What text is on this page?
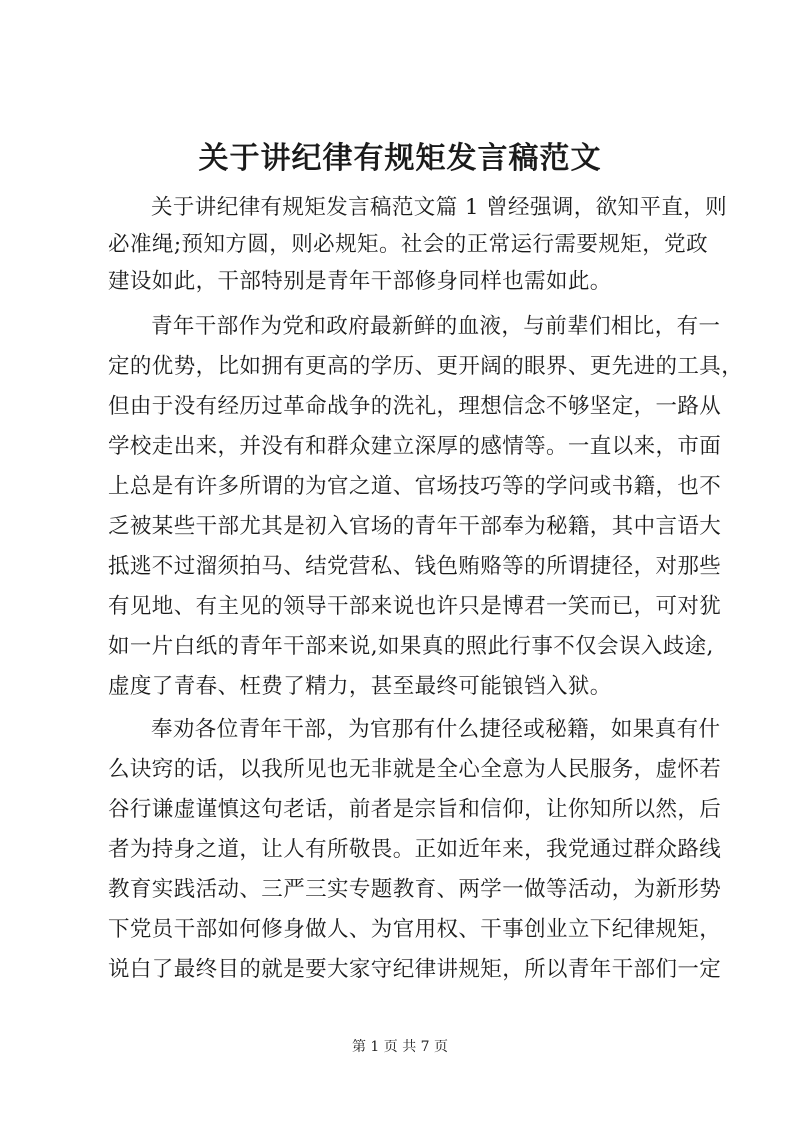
关于讲纪律有规矩发言稿范文
关于讲纪律有规矩发言稿范文篇 1 曾经强调，欲知平直，则
必准绳;预知方圆，则必规矩。社会的正常运行需要规矩，党政
建设如此，干部特别是青年干部修身同样也需如此。
青年干部作为党和政府最新鲜的血液，与前辈们相比，有一
定的优势，比如拥有更高的学历、更开阔的眼界、更先进的工具，
但由于没有经历过革命战争的洗礼，理想信念不够坚定，一路从
学校走出来，并没有和群众建立深厚的感情等。一直以来，市面
上总是有许多所谓的为官之道、官场技巧等的学问或书籍，也不
乏被某些干部尤其是初入官场的青年干部奉为秘籍，其中言语大
抵逃不过溜须拍马、结党营私、钱色贿赂等的所谓捷径，对那些
有见地、有主见的领导干部来说也许只是博君一笑而已，可对犹
如一片白纸的青年干部来说,如果真的照此行事不仅会误入歧途,
虚度了青春、枉费了精力，甚至最终可能锒铛入狱。
奉劝各位青年干部，为官那有什么捷径或秘籍，如果真有什
么诀窍的话，以我所见也无非就是全心全意为人民服务，虚怀若
谷行谦虚谨慎这句老话，前者是宗旨和信仰，让你知所以然，后
者为持身之道，让人有所敬畏。正如近年来，我党通过群众路线
教育实践活动、三严三实专题教育、两学一做等活动，为新形势
下党员干部如何修身做人、为官用权、干事创业立下纪律规矩，
说白了最终目的就是要大家守纪律讲规矩，所以青年干部们一定
第 1 页 共 7 页
